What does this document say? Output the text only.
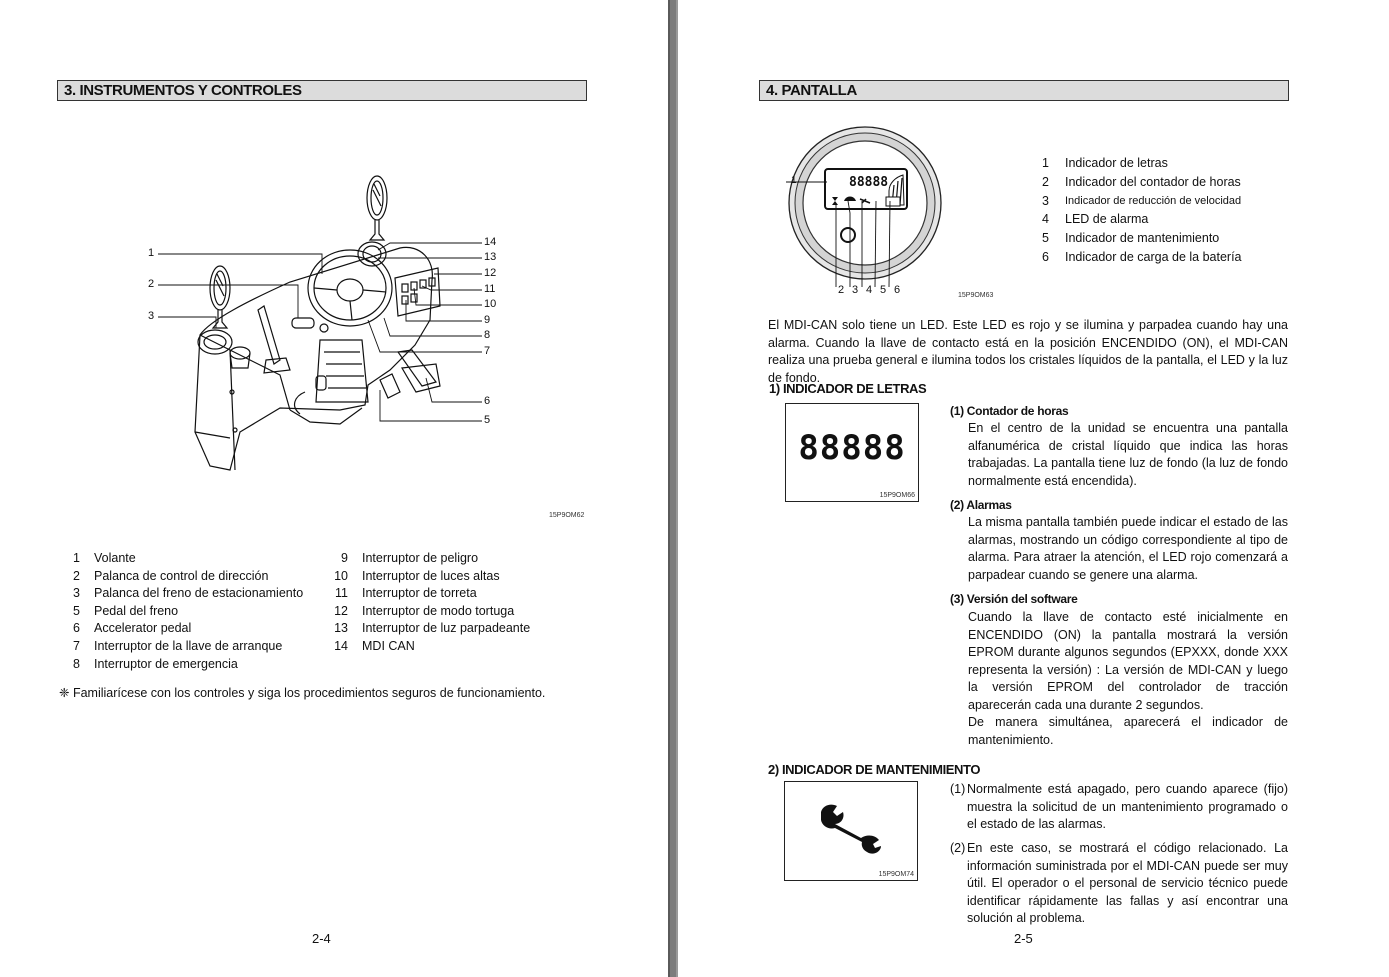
3. INSTRUMENTOS Y CONTROLES
1
2
3
14
13
12
11
10
9
8
7
6
5
15P9OM62
1	Volante
2	Palanca de control de dirección
3	Palanca del freno de estacionamiento
5	Pedal del freno
6	Accelerator pedal
7	Interruptor de la llave de arranque
8	Interruptor de emergencia
9	Interruptor de peligro
10	Interruptor de luces altas
11	Interruptor de torreta
12	Interruptor de modo tortuga
13	Interruptor de luz parpadeante
14	MDI CAN
❈ Familiarícese con los controles y siga los procedimientos seguros de funcionamiento.
2-4
4. PANTALLA
88888
1
2 3 4 5 6	15P9OM63
1	Indicador de letras
2	Indicador del contador de horas
3	Indicador de reducción de velocidad
4	LED de alarma
5	Indicador de mantenimiento
6	Indicador de carga de la batería
El MDI-CAN solo tiene un LED. Este LED es rojo y se ilumina y parpadea cuando hay una alarma. Cuando la llave de contacto está en la posición ENCENDIDO (ON), el MDI-CAN realiza una prueba general e ilumina todos los cristales líquidos de la pantalla, el LED y la luz de fondo.
1) INDICADOR DE LETRAS
88888
15P9OM66
(1) Contador de horas
En el centro de la unidad se encuentra una pantalla alfanumérica de cristal líquido que indica las horas trabajadas. La pantalla tiene luz de fondo (la luz de fondo normalmente está encendida).
(2) Alarmas
La misma pantalla también puede indicar el estado de las alarmas, mostrando un código correspondiente al tipo de alarma. Para atraer la atención, el LED rojo comenzará a parpadear cuando se genere una alarma.
(3) Versión del software
Cuando la llave de contacto esté inicialmente en ENCENDIDO (ON) la pantalla mostrará la versión EPROM durante algunos segundos (EPXXX, donde XXX representa la versión) : La versión de MDI-CAN y luego la versión EPROM del controlador de tracción aparecerán cada una durante 2 segundos.
De manera simultánea, aparecerá el indicador de mantenimiento.
2) INDICADOR DE MANTENIMIENTO
15P9OM74
(1) Normalmente está apagado, pero cuando aparece (fijo) muestra la solicitud de un mantenimiento programado o el estado de las alarmas.
(2) En este caso, se mostrará el código relacionado. La información suministrada por el MDI-CAN puede ser muy útil. El operador o el personal de servicio técnico puede identificar rápidamente las fallas y así encontrar una solución al problema.
2-5
